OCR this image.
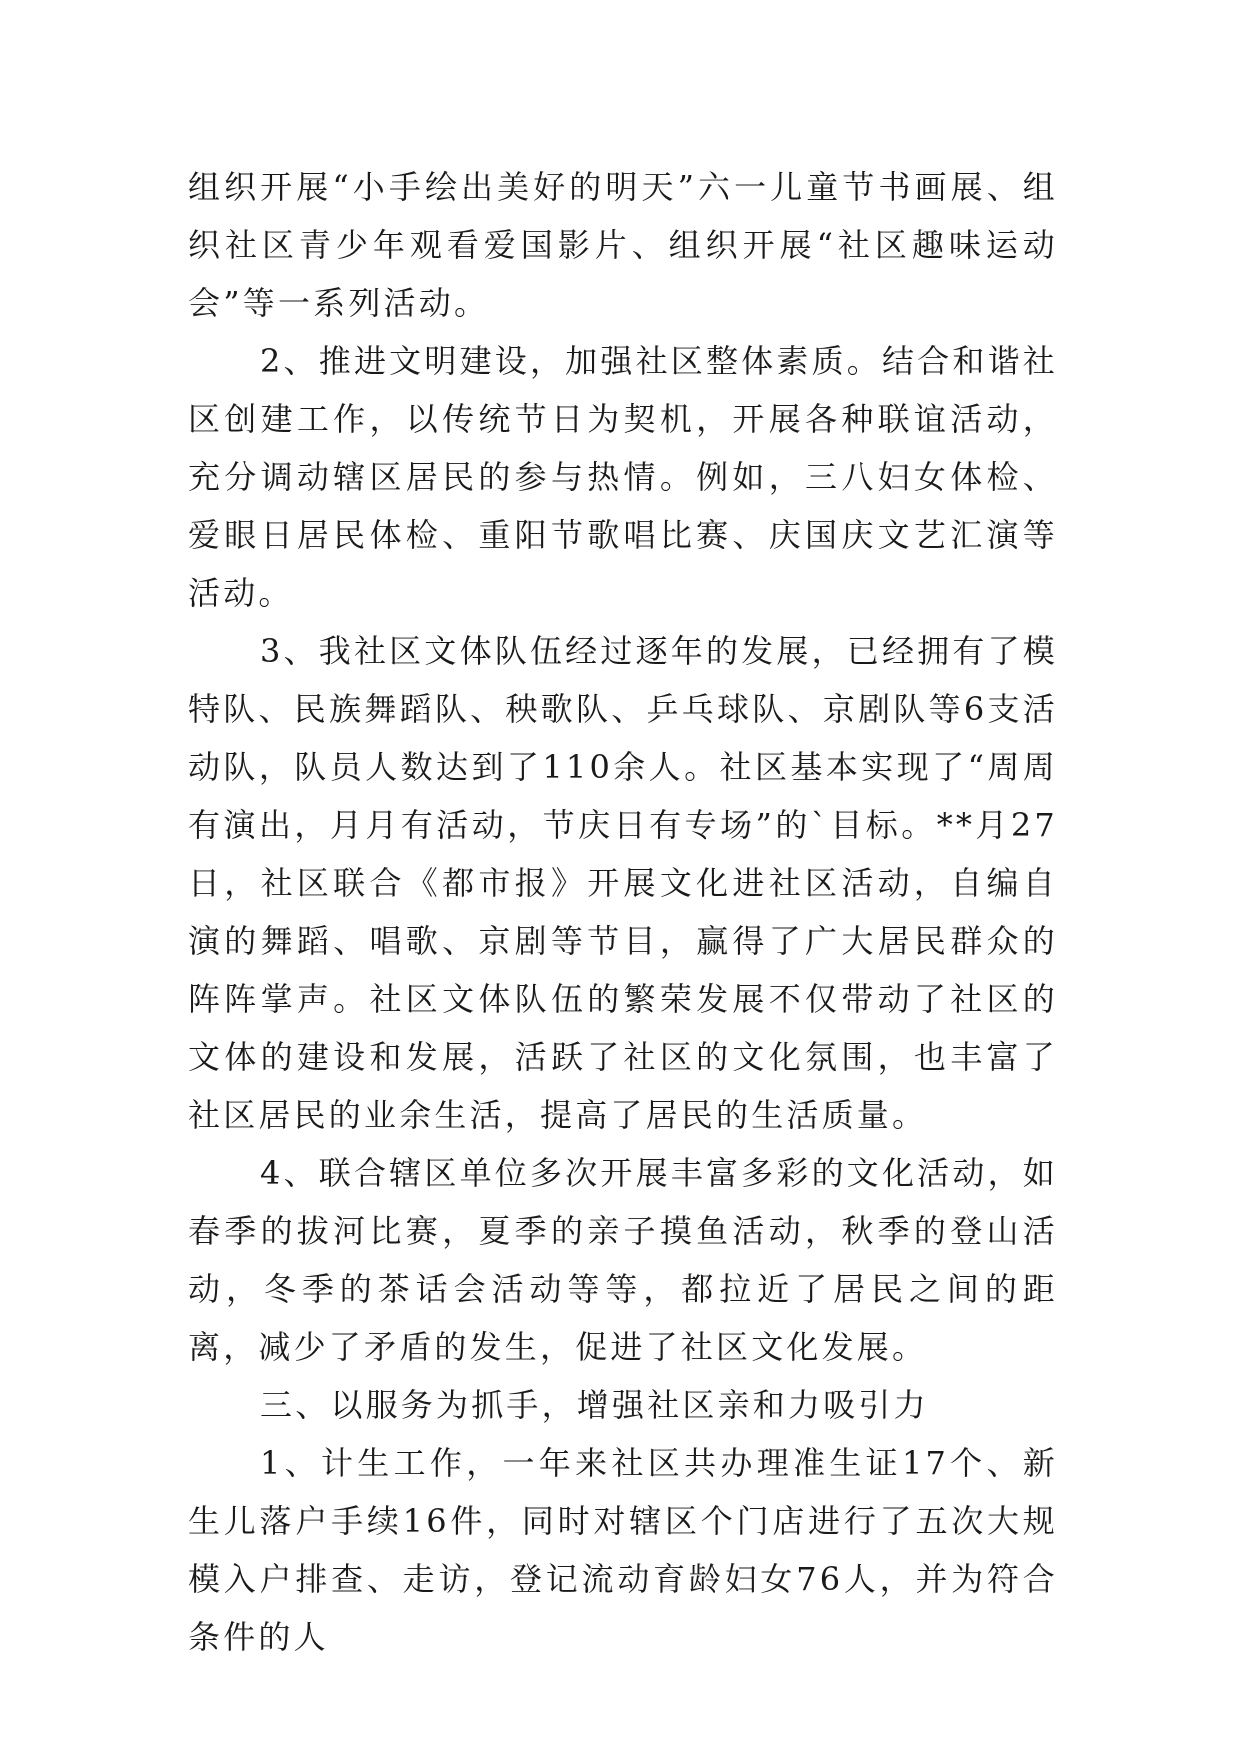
组织开展“小手绘出美好的明天”六一儿童节书画展、组织社区青少年观看爱国影片、组织开展“社区趣味运动会”等一系列活动。

2、推进文明建设，加强社区整体素质。结合和谐社区创建工作，以传统节日为契机，开展各种联谊活动，充分调动辖区居民的参与热情。例如，三八妇女体检、爱眼日居民体检、重阳节歌唱比赛、庆国庆文艺汇演等活动。

3、我社区文体队伍经过逐年的发展，已经拥有了模特队、民族舞蹈队、秧歌队、乒乓球队、京剧队等6支活动队，队员人数达到了110余人。社区基本实现了“周周有演出，月月有活动，节庆日有专场”的`目标。**月27日，社区联合《都市报》开展文化进社区活动，自编自演的舞蹈、唱歌、京剧等节目，赢得了广大居民群众的阵阵掌声。社区文体队伍的繁荣发展不仅带动了社区的文体的建设和发展，活跃了社区的文化氛围，也丰富了社区居民的业余生活，提高了居民的生活质量。

4、联合辖区单位多次开展丰富多彩的文化活动，如春季的拔河比赛，夏季的亲子摸鱼活动，秋季的登山活动，冬季的茶话会活动等等，都拉近了居民之间的距离，减少了矛盾的发生，促进了社区文化发展。

三、以服务为抓手，增强社区亲和力吸引力

1、计生工作，一年来社区共办理准生证17个、新生儿落户手续16件，同时对辖区个门店进行了五次大规模入户排查、走访，登记流动育龄妇女76人，并为符合条件的人
